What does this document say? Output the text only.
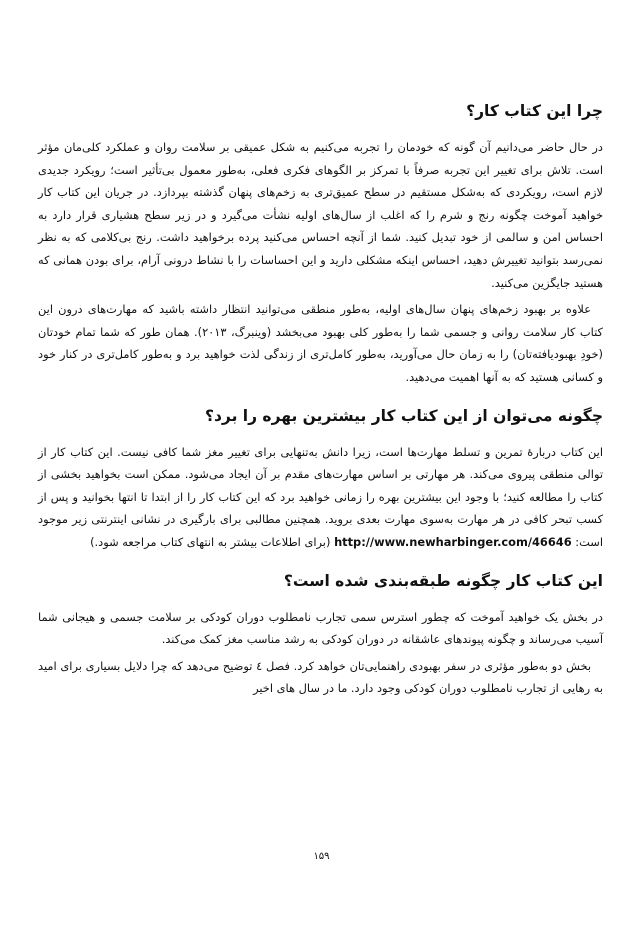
چرا این کتاب کار؟

در حال حاضر می‌دانیم آن گونه که خودمان را تجربه می‌کنیم به شکل عمیقی بر سلامت روان و عملکرد کلی‌مان مؤثر است. تلاش برای تغییر این تجربه صرفاً با تمرکز بر الگوهای فکری فعلی، به‌طور معمول بی‌تأثیر است؛ رویکرد جدیدی لازم است، رویکردی که به‌شکل مستقیم در سطح عمیق‌تری به زخم‌های پنهان گذشته بپردازد. در جریان این کتاب کار خواهید آموخت چگونه رنج و شرم را که اغلب از سال‌های اولیه نشأت می‌گیرد و در زیر سطح هشیاری قرار دارد به احساس امن و سالمی از خود تبدیل کنید. شما از آنچه احساس می‌کنید پرده برخواهید داشت. رنج بی‌کلامی که به نظر نمی‌رسد بتوانید تغییرش دهید، احساس اینکه مشکلی دارید و این احساسات را با نشاط درونی آرام، برای بودن همانی که هستید جایگزین می‌کنید.

علاوه بر بهبود زخم‌های پنهان سال‌های اولیه، به‌طور منطقی می‌توانید انتظار داشته باشید که مهارت‌های درون این کتاب کار سلامت روانی و جسمی شما را به‌طور کلی بهبود می‌بخشد (وینبرگ، ۲۰۱۳). همان طور که شما تمام خودتان (خودِ بهبودیافته‌تان) را به زمان حال می‌آورید، به‌طور کامل‌تری از زندگی لذت خواهید برد و به‌طور کامل‌تری در کنار خود و کسانی هستید که به آنها اهمیت می‌دهید.

چگونه می‌توان از این کتاب کار بیشترین بهره را برد؟

این کتاب دربارهٔ تمرین و تسلط مهارت‌ها است، زیرا دانش به‌تنهایی برای تغییر مغز شما کافی نیست. این کتاب کار از توالی منطقی پیروی می‌کند. هر مهارتی بر اساس مهارت‌های مقدم بر آن ایجاد می‌شود. ممکن است بخواهید بخشی از کتاب را مطالعه کنید؛ با وجود این بیشترین بهره را زمانی خواهید برد که این کتاب کار را از ابتدا تا انتها بخوانید و پس از کسب تبحر کافی در هر مهارت به‌سوی مهارت بعدی بروید. همچنین مطالبی برای بارگیری در نشانی اینترنتی زیر موجود است: http://www.newharbinger.com/46646 (برای اطلاعات بیشتر به انتهای کتاب مراجعه شود.)

این کتاب کار چگونه طبقه‌بندی شده است؟

در بخش یک خواهید آموخت که چطور استرس سمی تجارب نامطلوب دوران کودکی بر سلامت جسمی و هیجانی شما آسیب می‌رساند و چگونه پیوندهای عاشقانه در دوران کودکی به رشد مناسب مغز کمک می‌کند.

بخش دو به‌طور مؤثری در سفر بهبودی راهنمایی‌تان خواهد کرد. فصل ٤ توضیح می‌دهد که چرا دلایل بسیاری برای امید به رهایی از تجارب نامطلوب دوران کودکی وجود دارد. ما در سال های اخیر

۱۵۹
